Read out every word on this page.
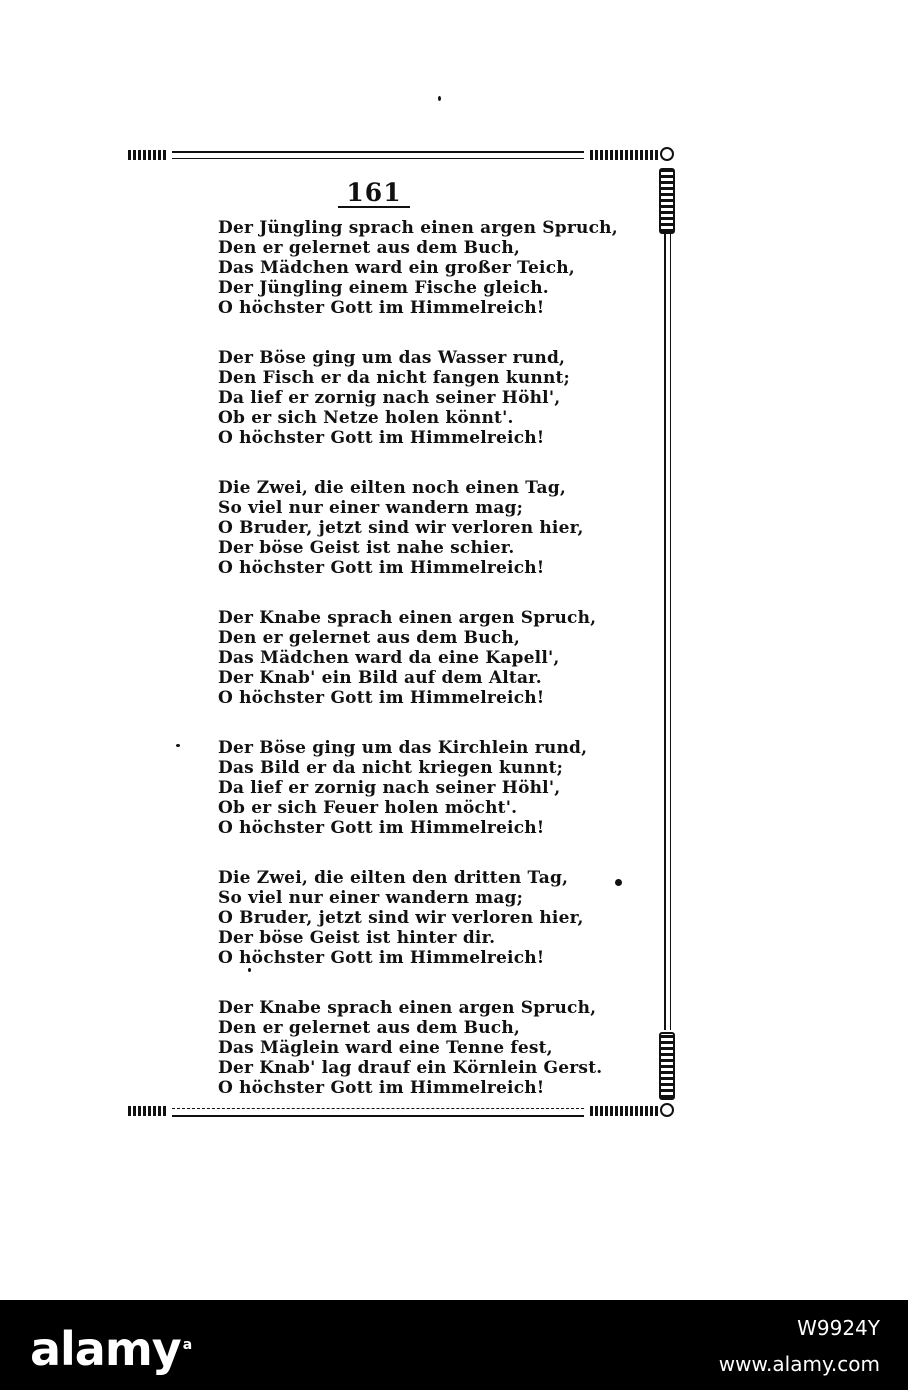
161
Der Jüngling sprach einen argen Spruch,
Den er gelernet aus dem Buch,
Das Mädchen ward ein großer Teich,
Der Jüngling einem Fische gleich.
O höchster Gott im Himmelreich!
Der Böse ging um das Wasser rund,
Den Fisch er da nicht fangen kunnt;
Da lief er zornig nach seiner Höhl',
Ob er sich Netze holen könnt'.
O höchster Gott im Himmelreich!
Die Zwei, die eilten noch einen Tag,
So viel nur einer wandern mag;
O Bruder, jetzt sind wir verloren hier,
Der böse Geist ist nahe schier.
O höchster Gott im Himmelreich!
Der Knabe sprach einen argen Spruch,
Den er gelernet aus dem Buch,
Das Mädchen ward da eine Kapell',
Der Knab' ein Bild auf dem Altar.
O höchster Gott im Himmelreich!
Der Böse ging um das Kirchlein rund,
Das Bild er da nicht kriegen kunnt;
Da lief er zornig nach seiner Höhl',
Ob er sich Feuer holen möcht'.
O höchster Gott im Himmelreich!
Die Zwei, die eilten den dritten Tag,
So viel nur einer wandern mag;
O Bruder, jetzt sind wir verloren hier,
Der böse Geist ist hinter dir.
O höchster Gott im Himmelreich!
Der Knabe sprach einen argen Spruch,
Den er gelernet aus dem Buch,
Das Mäglein ward eine Tenne fest,
Der Knab' lag drauf ein Körnlein Gerst.
O höchster Gott im Himmelreich!
alamy $^a$
W9924Y
www.alamy.com
